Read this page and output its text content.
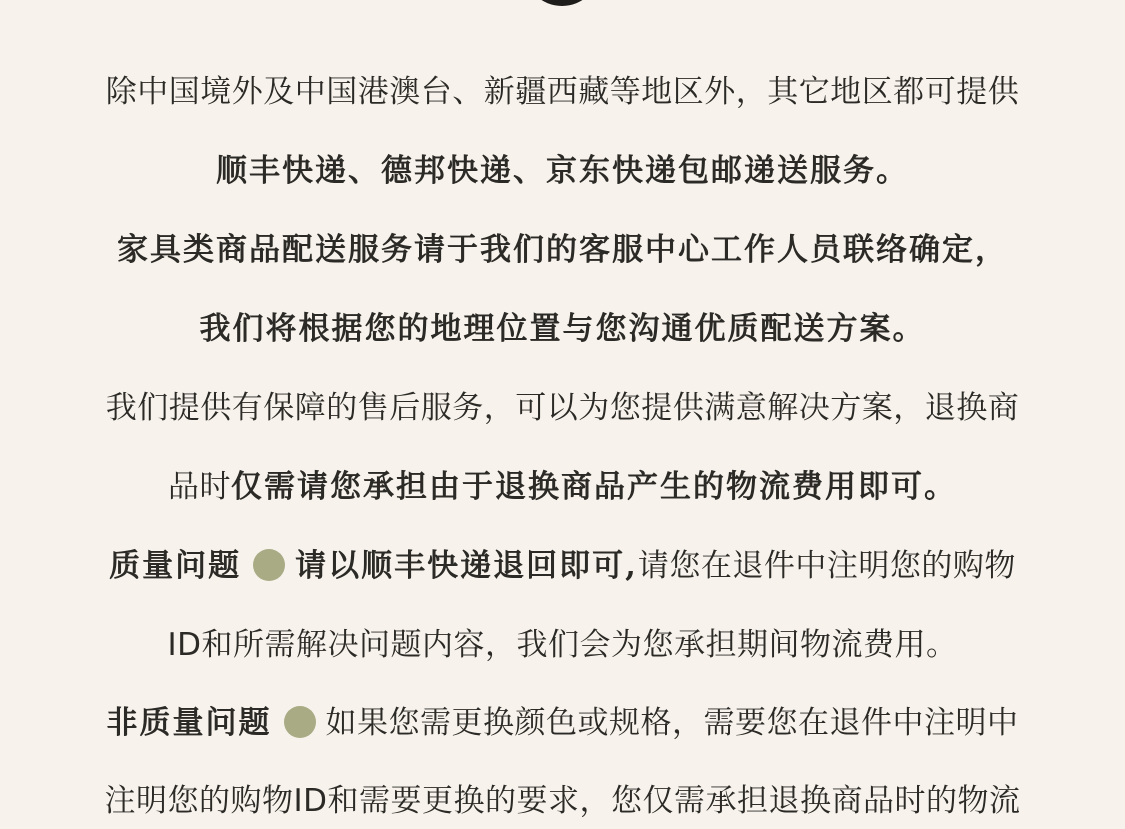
除中国境外及中国港澳台、新疆西藏等地区外，其它地区都可提供
顺丰快递、德邦快递、京东快递包邮递送服务。
家具类商品配送服务请于我们的客服中心工作人员联络确定，
我们将根据您的地理位置与您沟通优质配送方案。
我们提供有保障的售后服务，可以为您提供满意解决方案，退换商
品时仅需请您承担由于退换商品产生的物流费用即可。
质量问题 请以顺丰快递退回即可,请您在退件中注明您的购物
ID和所需解决问题内容，我们会为您承担期间物流费用。
非质量问题 如果您需更换颜色或规格，需要您在退件中注明中
注明您的购物ID和需要更换的要求，您仅需承担退换商品时的物流
